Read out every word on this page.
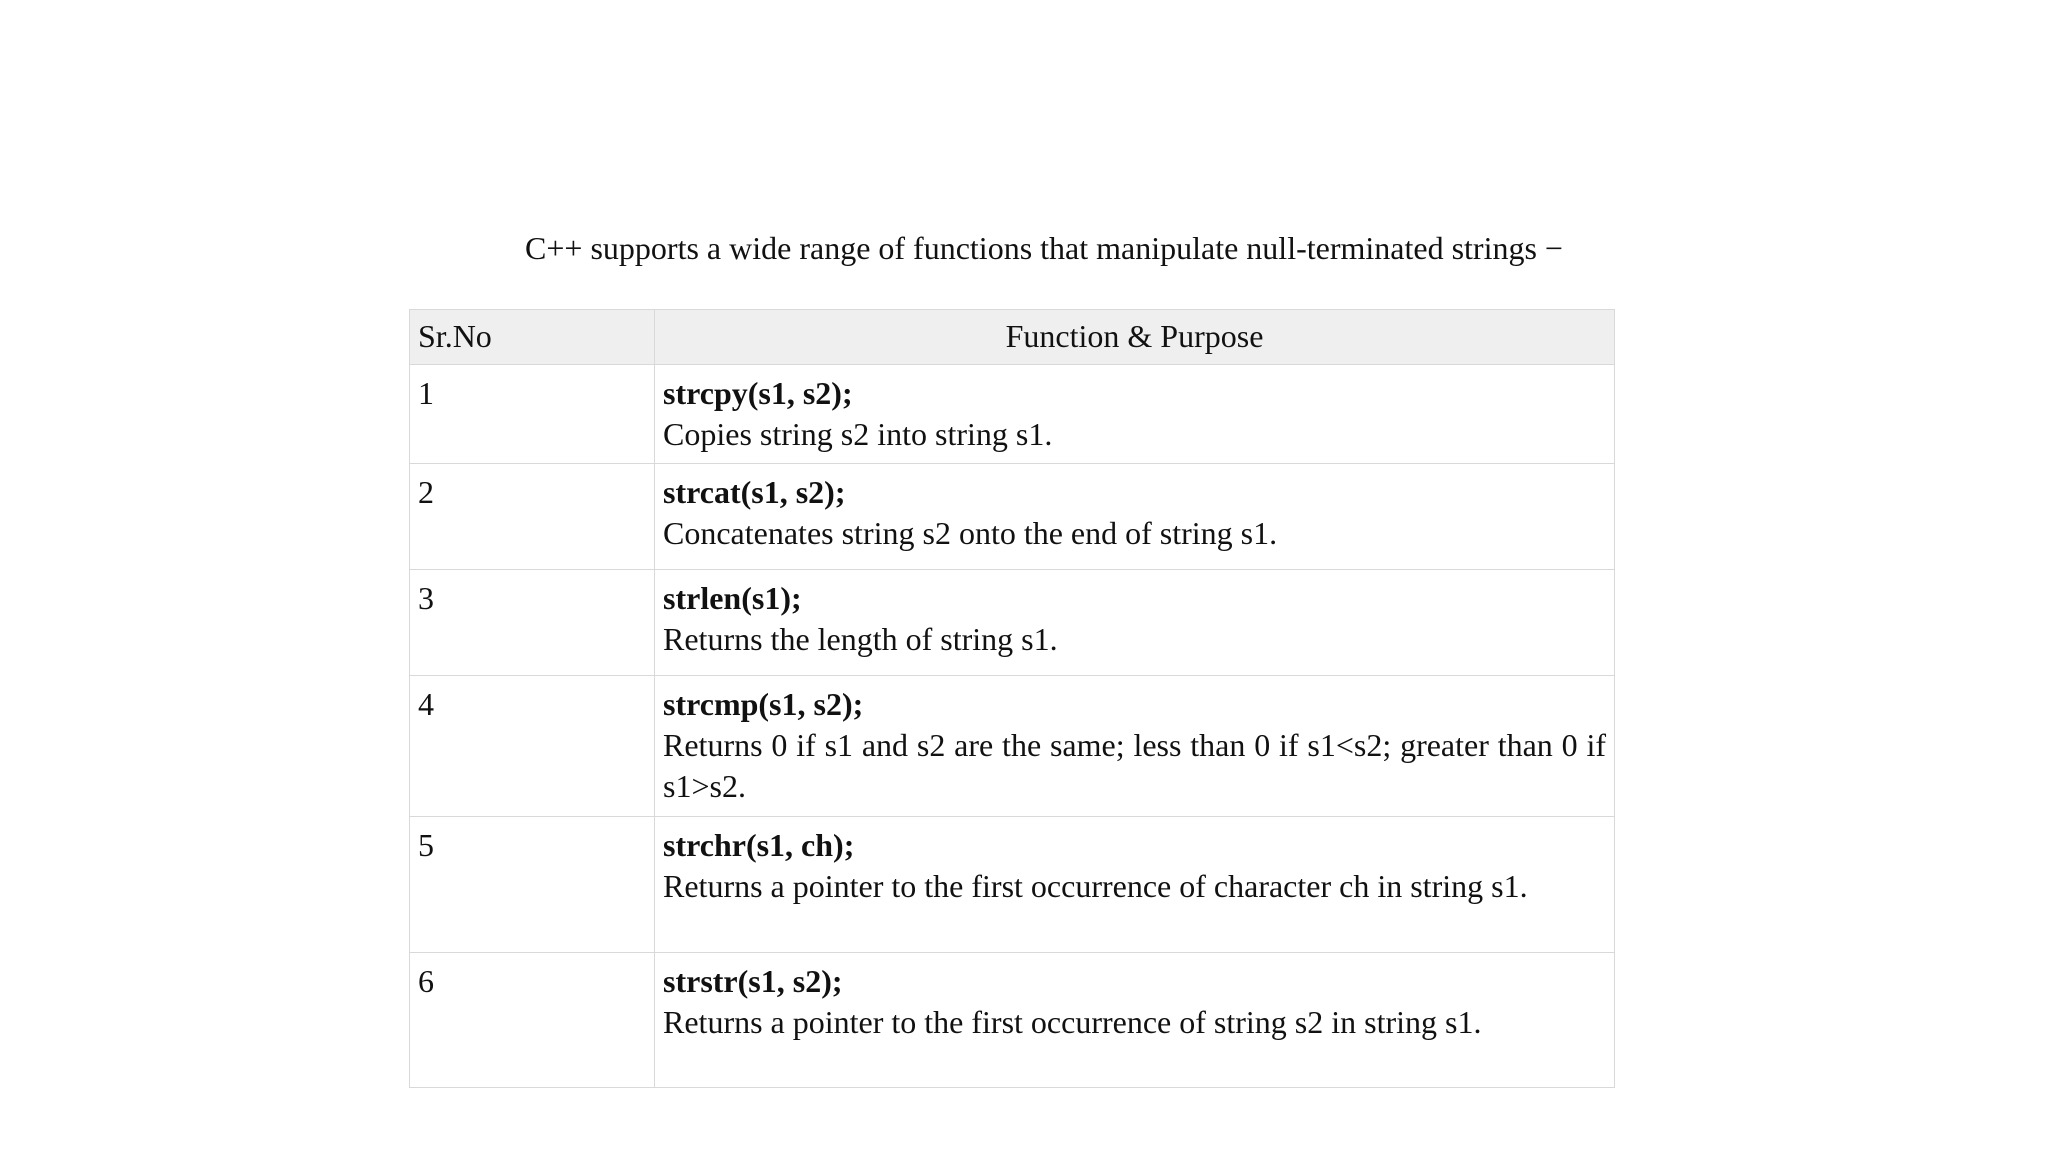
C++ supports a wide range of functions that manipulate null-terminated strings −

Sr.No	Function & Purpose
1	strcpy(s1, s2);
Copies string s2 into string s1.

2	strcat(s1, s2);
Concatenates string s2 onto the end of string s1.

3	strlen(s1);
Returns the length of string s1.

4	strcmp(s1, s2);
Returns 0 if s1 and s2 are the same; less than 0 if s1<s2; greater than 0 if s1>s2.

5	strchr(s1, ch);
Returns a pointer to the first occurrence of character ch in string s1.

6	strstr(s1, s2);
Returns a pointer to the first occurrence of string s2 in string s1.
